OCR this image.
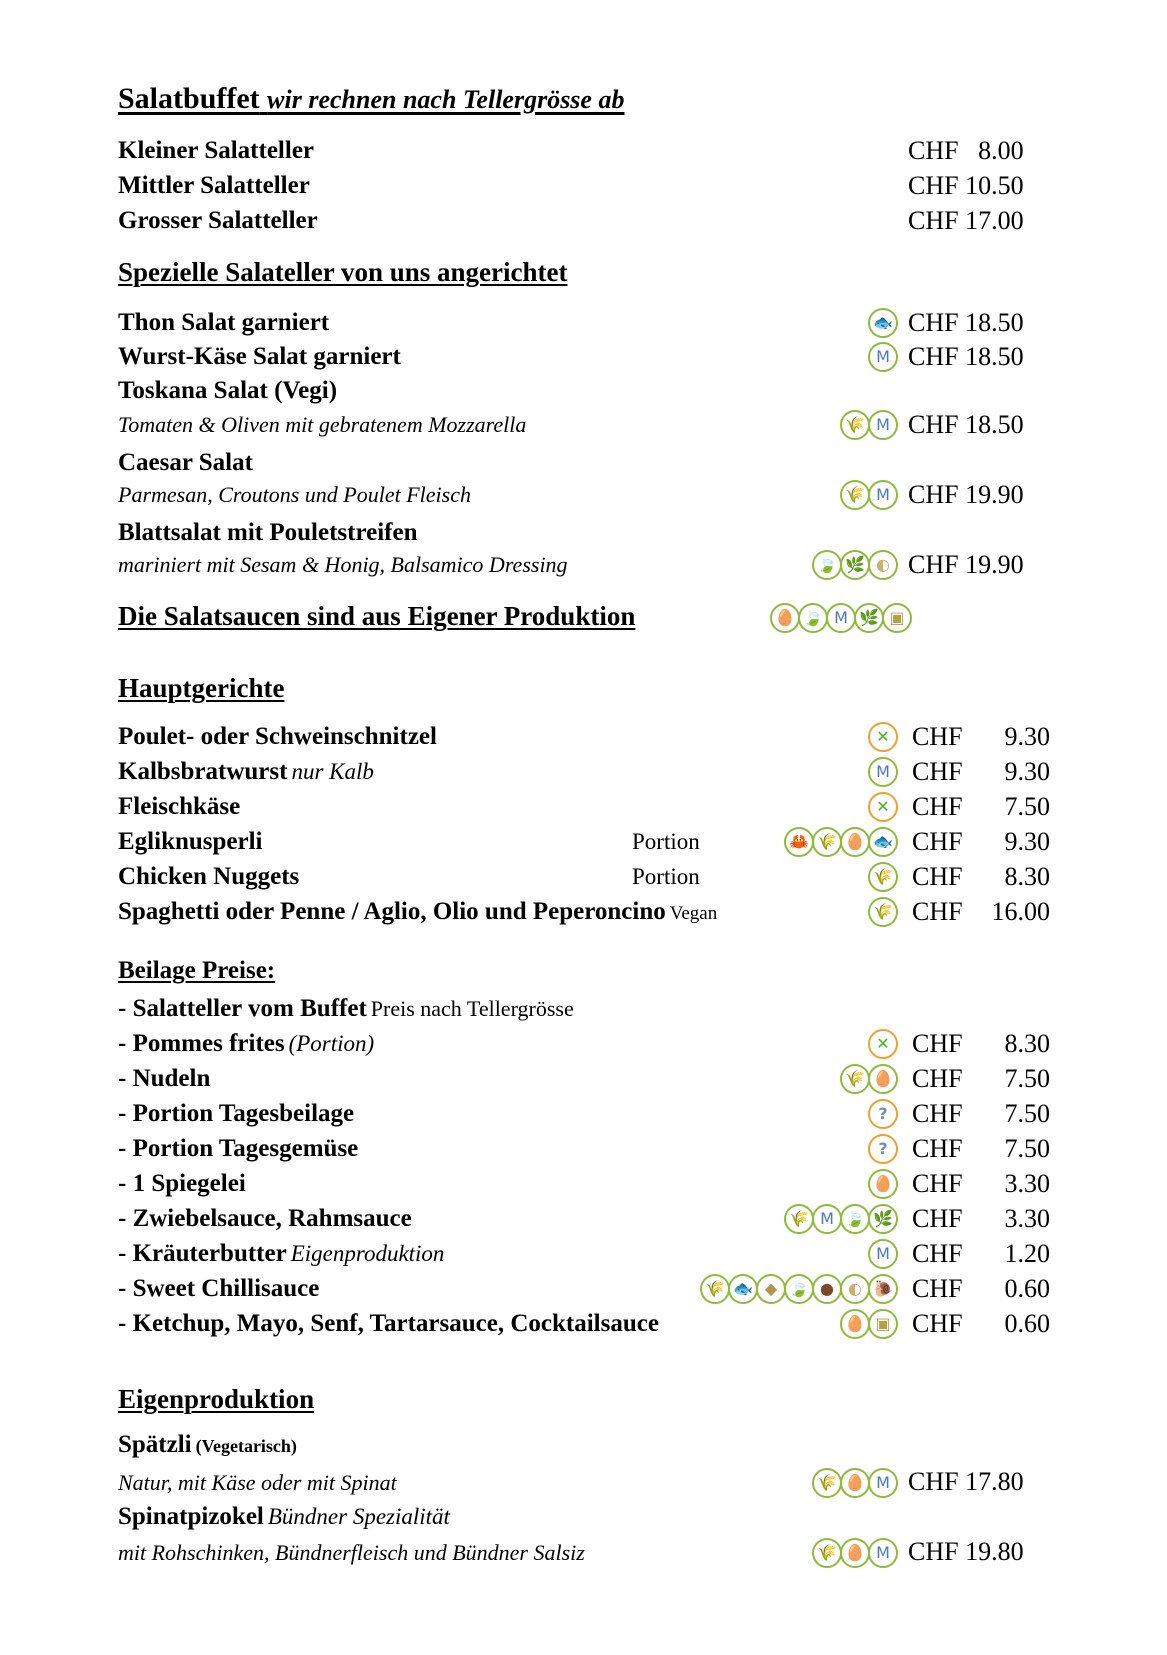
Salatbuffet wir rechnen nach Tellergrösse ab
Kleiner Salatteller	CHF  8.00
Mittler Salatteller	CHF 10.50
Grosser Salatteller	CHF 17.00
Spezielle Salateller von uns angerichtet
Thon Salat garniert	🐟 CHF 18.50
Wurst-Käse Salat garniert	M CHF 18.50
Toskana Salat (Vegi)
Tomaten & Oliven mit gebratenem Mozzarella	🌾 M CHF 18.50
Caesar Salat
Parmesan, Croutons und Poulet Fleisch	🌾 M CHF 19.90
Blattsalat mit Pouletstreifen
mariniert mit Sesam & Honig, Balsamico Dressing	🍃 🌿 ◐ CHF 19.90
Die Salatsaucen sind aus Eigener Produktion	🥚 🍃 M 🌿 ▣
Hauptgerichte
Poulet- oder Schweinschnitzel	✕ CHF	9.30
Kalbsbratwurst nur Kalb	M CHF	9.30
Fleischkäse	✕ CHF	7.50
Egliknusperli	Portion	🦀 🌾 🥚 🐟 CHF	9.30
Chicken Nuggets	Portion	🌾 CHF	8.30
Spaghetti oder Penne / Aglio, Olio und Peperoncino Vegan	🌾 CHF	16.00
Beilage Preise:
- Salatteller vom Buffet Preis nach Tellergrösse
- Pommes frites (Portion)	✕ CHF	8.30
- Nudeln	🌾 🥚 CHF	7.50
- Portion Tagesbeilage	? CHF	7.50
- Portion Tagesgemüse	? CHF	7.50
- 1 Spiegelei	🥚 CHF	3.30
- Zwiebelsauce, Rahmsauce	🌾 M 🍃 🌿 CHF	3.30
- Kräuterbutter Eigenproduktion	M CHF	1.20
- Sweet Chillisauce	🌾 🐟 ◆ 🍃 ● ◐ 🐌 CHF	0.60
- Ketchup, Mayo, Senf, Tartarsauce, Cocktailsauce	🥚 ▣ CHF	0.60
Eigenproduktion
Spätzli (Vegetarisch)
Natur, mit Käse oder mit Spinat	🌾 🥚 M CHF 17.80
Spinatpizokel Bündner Spezialität
mit Rohschinken, Bündnerfleisch und Bündner Salsiz	🌾 🥚 M CHF 19.80
